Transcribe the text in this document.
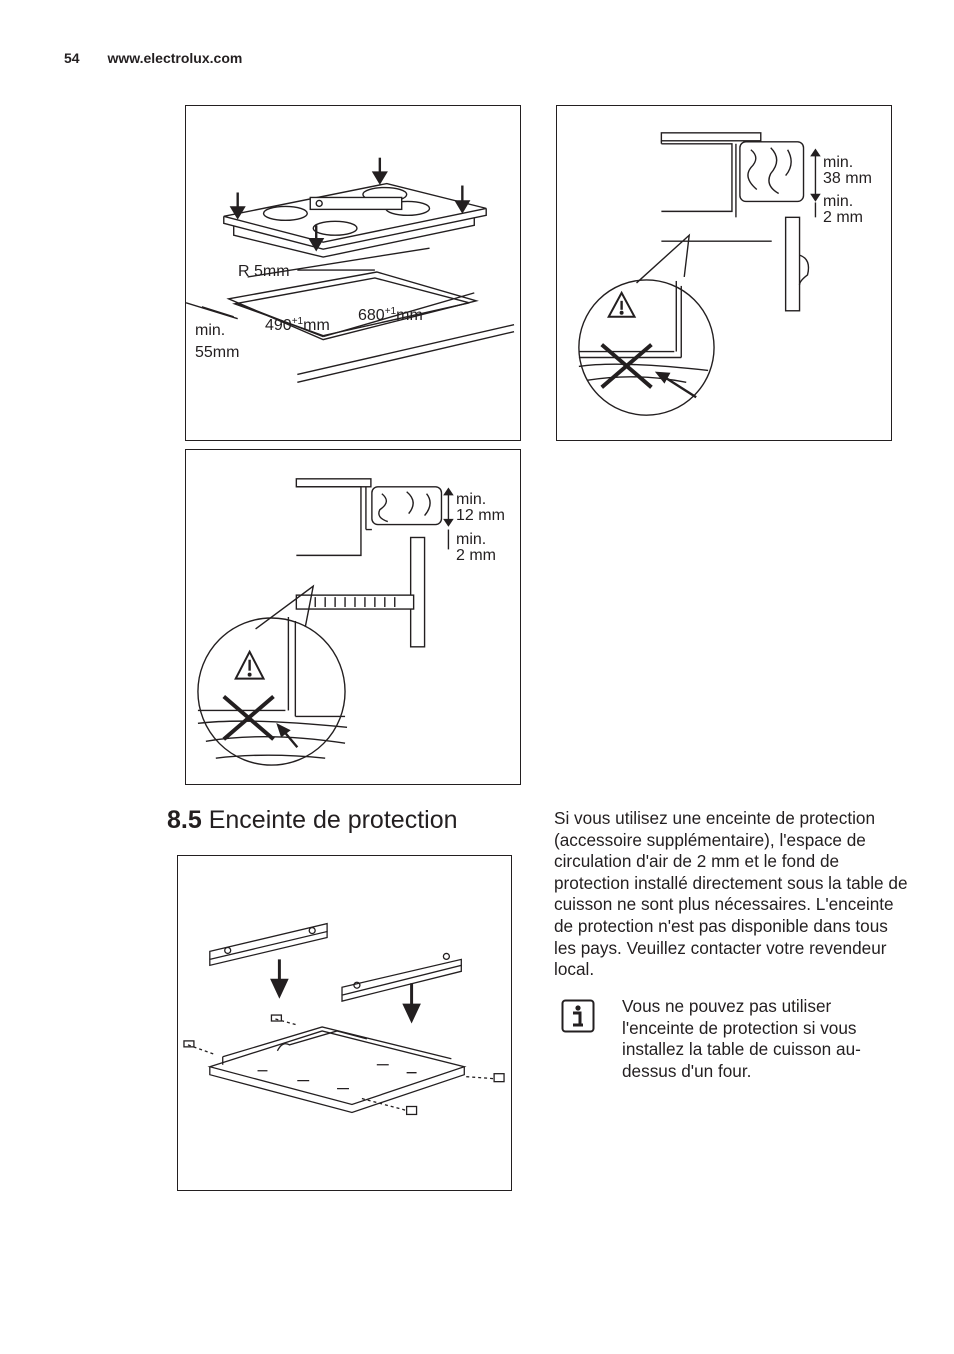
54 www.electrolux.com
R 5mm
$490^{+1}mm$
$680^{+1}mm$
min.
55mm
min.
38 mm
min.
2 mm
min.
12 mm
min.
2 mm
8.5 Enceinte de protection	Si vous utilisez une enceinte de protection (accessoire supplémentaire), l'espace de circulation d'air de 2 mm et le fond de protection installé directement sous la table de cuisson ne sont plus nécessaires. L'enceinte de protection n'est pas disponible dans tous les pays. Veuillez contacter votre revendeur local.
Vous ne pouvez pas utiliser l'enceinte de protection si vous installez la table de cuisson au-dessus d'un four.
